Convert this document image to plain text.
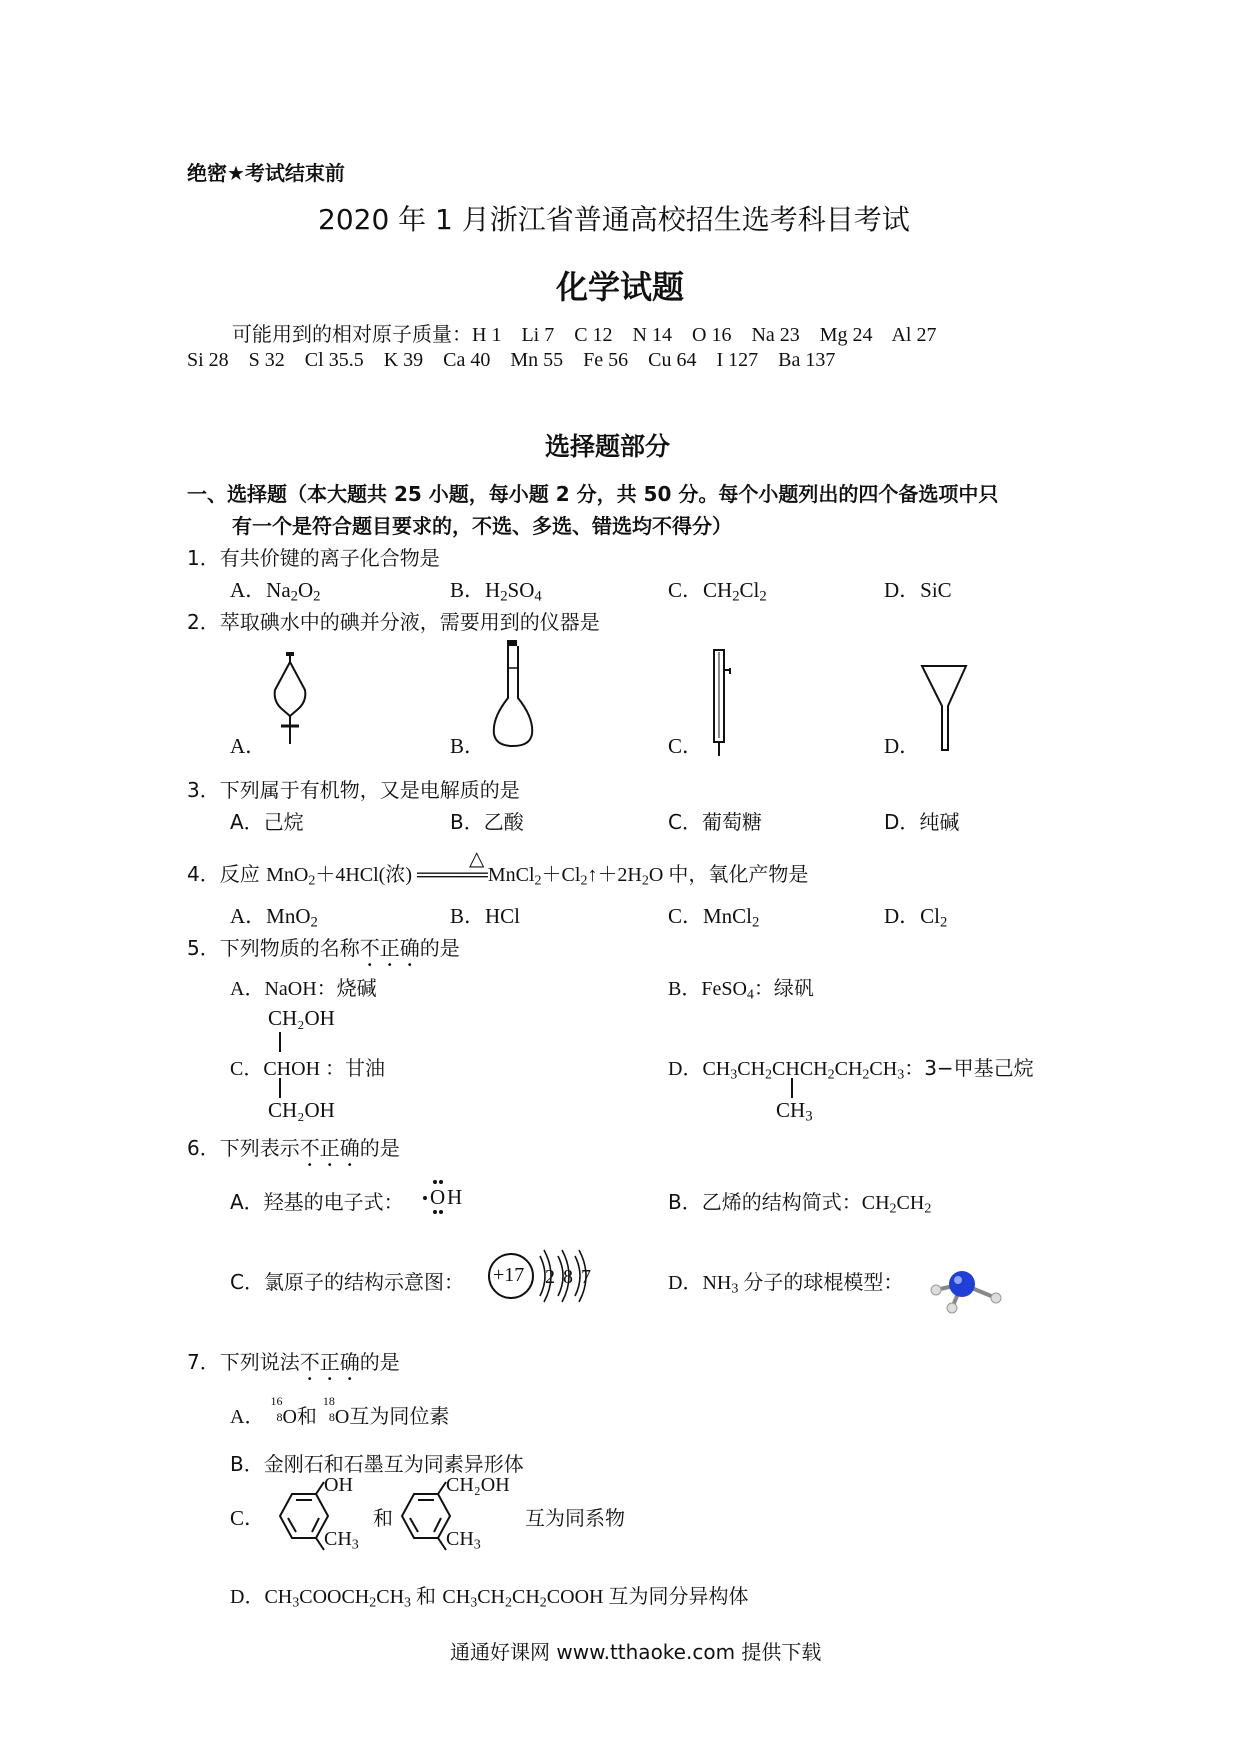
绝密★考试结束前
2020 年 1 月浙江省普通高校招生选考科目考试
化学试题
可能用到的相对原子质量：H 1    Li 7    C 12    N 14    O 16    Na 23    Mg 24    Al 27
Si 28    S 32    Cl 35.5    K 39    Ca 40    Mn 55    Fe 56    Cu 64    I 127    Ba 137
选择题部分
一、选择题（本大题共 25 小题，每小题 2 分，共 50 分。每个小题列出的四个备选项中只
有一个是符合题目要求的，不选、多选、错选均不得分）
1．有共价键的离子化合物是
A．$Na_2O_2$	B．$H_2SO_4$	C．$CH_2Cl_2$	D．SiC
2．萃取碘水中的碘并分液，需要用到的仪器是
A．	B．	C．	D．
3．下列属于有机物，又是电解质的是
A．己烷	B．乙酸	C．葡萄糖	D．纯碱
△
4．反应 MnO$_2$＋4HCl(浓) $═════MnCl_2+Cl_2↑+2H_2O$ 中，氧化产物是
A．MnO$_2$	B．HCl	C．MnCl$_2$	D．$Cl_2$
5．下列物质的名称不正确的是
A．NaOH：烧碱	B．FeSO$_4$：绿矾
CH₂OH
C．CHOH ：甘油
CH₂OH
D．$CH_3CH_2CHCH_2CH_2CH_3$：3−甲基己烷
$CH_3$
6．下列表示不正确的是
A．羟基的电子式： O H	B．乙烯的结构简式：$CH_2CH_2$
C．氯原子的结构示意图： +17 2 8 7	D．$NH_3$ 分子的球棍模型：
7．下列说法不正确的是
A．
16
8 O和
18
8 O互为同位素
B．金刚石和石墨互为同素异形体
C．
OH
$CH_3$
和
CH₂OH
$CH_3$
互为同系物
D．$CH_3COOCH_2CH_3$ 和 $CH_3CH_2CH_2COOH$ 互为同分异构体
通通好课网 www.tthaoke.com 提供下载
